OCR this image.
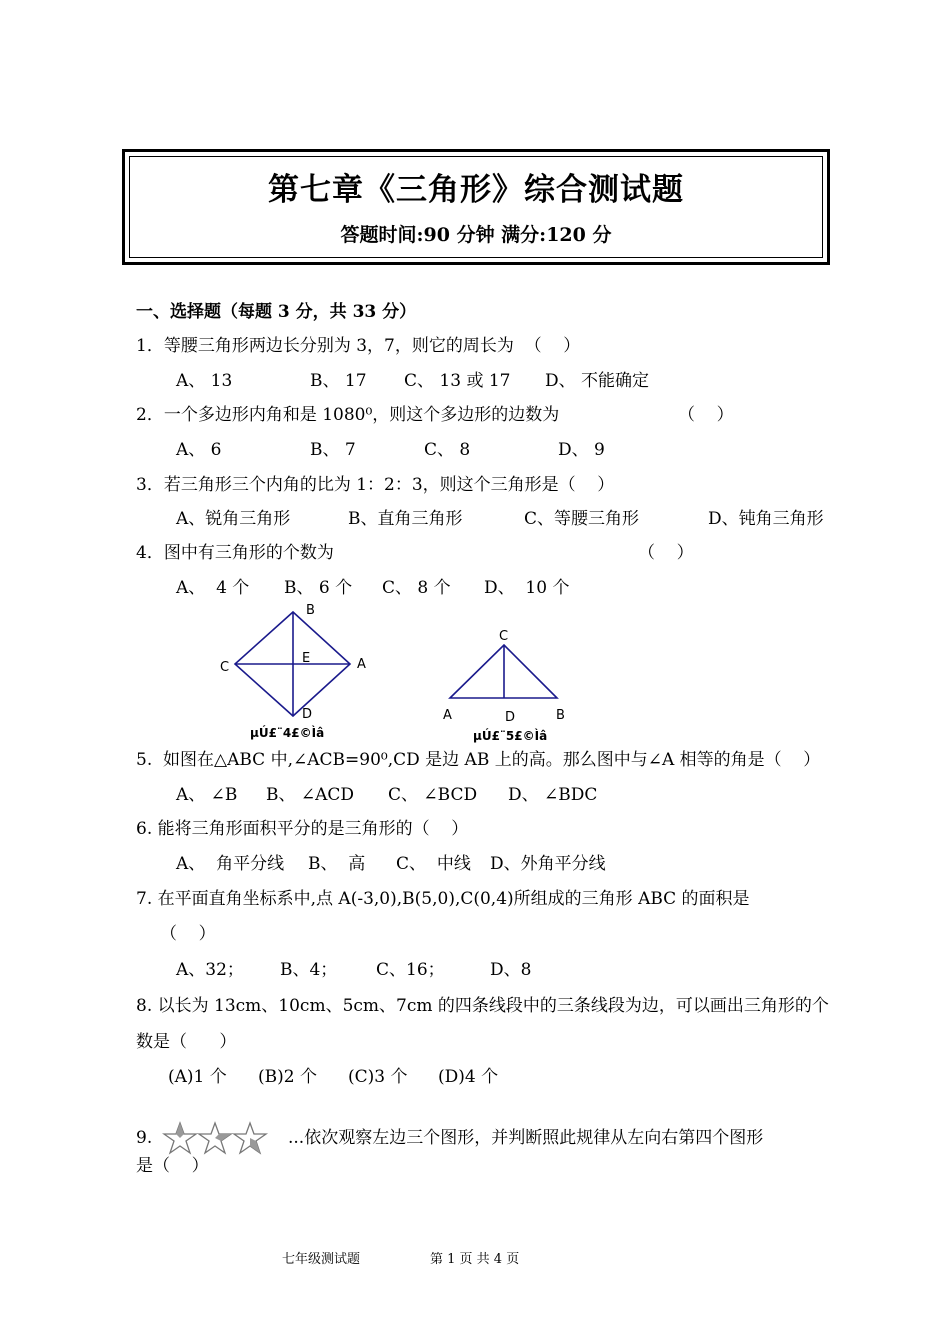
第七章《三角形》综合测试题
答题时间:90 分钟 满分:120 分
一、选择题（每题 3 分，共 33 分）
1．等腰三角形两边长分别为 3，7，则它的周长为  （    ）
A、 13	B、 17 C、 13 或 17 D、 不能确定
2．一个多边形内角和是 1080⁰，则这个多边形的边数为	（    ）
A、 6	B、 7	C、 8	D、 9
3．若三角形三个内角的比为 1：2：3，则这个三角形是（    ）
A、锐角三角形	B、直角三角形	C、等腰三角形	D、钝角三角形
4．图中有三角形的个数为	（    ）
A、  4 个 B、 6 个 C、 8 个 D、  10 个
B
C
E	A
D
µÚ£¨4£©Ìâ
C
A	D	B
µÚ£¨5£©Ìâ
5.  如图在△ABC 中,∠ACB=90⁰,CD 是边 AB 上的高。那么图中与∠A 相等的角是（    ）
A、 ∠B B、 ∠ACD C、 ∠BCD D、 ∠BDC
6. 能将三角形面积平分的是三角形的（    ）
A、  角平分线 B、  高 C、  中线 D、外角平分线
7. 在平面直角坐标系中,点 A(-3,0),B(5,0),C(0,4)所组成的三角形 ABC 的面积是
（    ）
A、32； B、4； C、16；	D、8
8. 以长为 13cm、10cm、5cm、7cm 的四条线段中的三条线段为边，可以画出三角形的个
数是（      ）
(A)1 个 (B)2 个 (C)3 个 (D)4 个
9.	...依次观察左边三个图形，并判断照此规律从左向右第四个图形
是（    ）
七年级测试题	第 1 页 共 4 页
